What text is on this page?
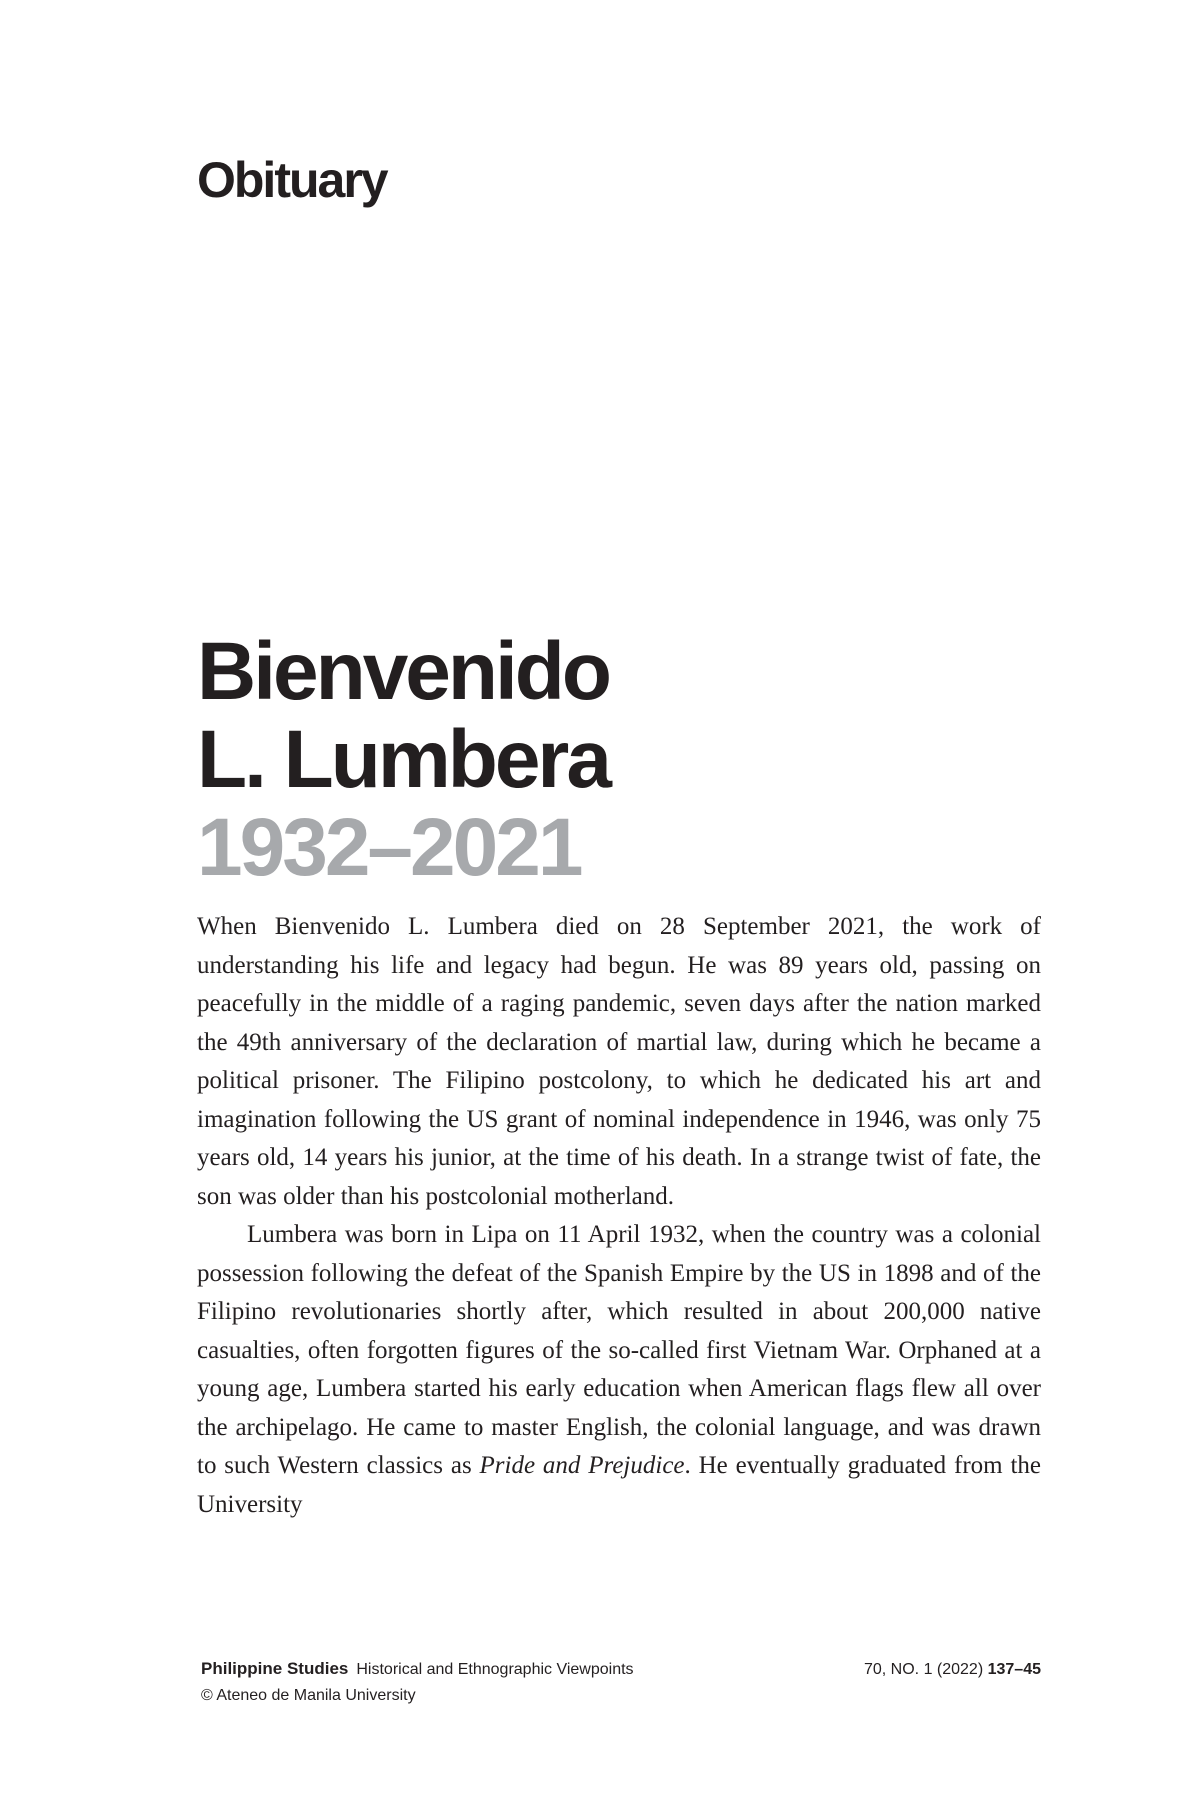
Obituary
Bienvenido
L. Lumbera
1932–2021

When Bienvenido L. Lumbera died on 28 September 2021, the work of understanding his life and legacy had begun. He was 89 years old, passing on peacefully in the middle of a raging pandemic, seven days after the nation marked the 49th anniversary of the declaration of martial law, during which he became a political prisoner. The Filipino postcolony, to which he dedicated his art and imagination following the US grant of nominal independence in 1946, was only 75 years old, 14 years his junior, at the time of his death. In a strange twist of fate, the son was older than his postcolonial motherland.

Lumbera was born in Lipa on 11 April 1932, when the country was a colonial possession following the defeat of the Spanish Empire by the US in 1898 and of the Filipino revolutionaries shortly after, which resulted in about 200,000 native casualties, often forgotten figures of the so-called first Vietnam War. Orphaned at a young age, Lumbera started his early education when American flags flew all over the archipelago. He came to master English, the colonial language, and was drawn to such Western classics as Pride and Prejudice. He eventually graduated from the University

Philippine Studies Historical and Ethnographic Viewpoints	70, NO. 1 (2022) 137–45
© Ateneo de Manila University
